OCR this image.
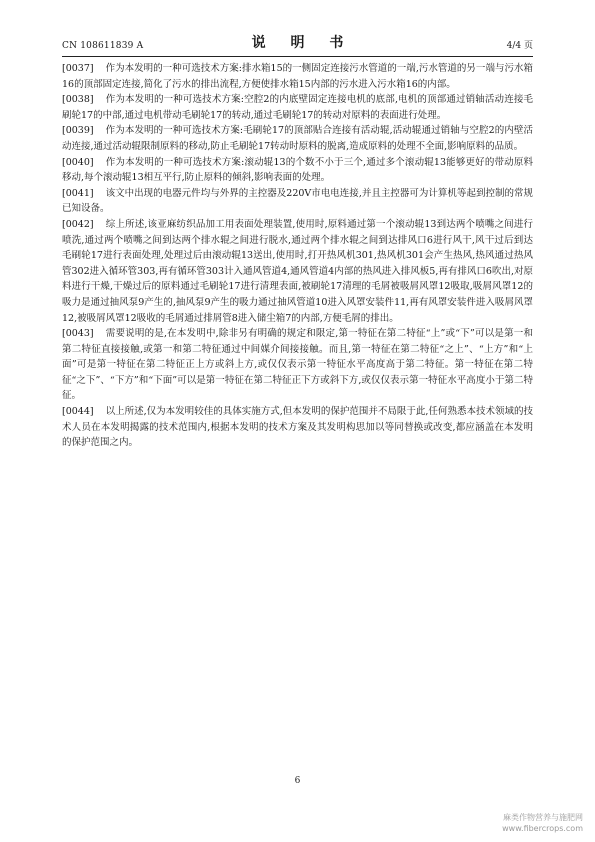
CN 108611839 A	说 明 书	4/4 页

[0037] 作为本发明的一种可选技术方案:排水箱15的一侧固定连接污水管道的一端,污水管道的另一端与污水箱16的顶部固定连接,简化了污水的排出流程,方便使排水箱15内部的污水进入污水箱16的内部。

[0038] 作为本发明的一种可选技术方案:空腔2的内底壁固定连接电机的底部,电机的顶部通过销轴活动连接毛刷轮17的中部,通过电机带动毛刷轮17的转动,通过毛刷轮17的转动对原料的表面进行处理。

[0039] 作为本发明的一种可选技术方案:毛刷轮17的顶部贴合连接有活动辊,活动辊通过销轴与空腔2的内壁活动连接,通过活动辊限制原料的移动,防止毛刷轮17转动时原料的脱离,造成原料的处理不全面,影响原料的品质。

[0040] 作为本发明的一种可选技术方案:滚动辊13的个数不小于三个,通过多个滚动辊13能够更好的带动原料移动,每个滚动辊13相互平行,防止原料的倾斜,影响表面的处理。

[0041] 该文中出现的电器元件均与外界的主控器及220V市电电连接,并且主控器可为计算机等起到控制的常规已知设备。

[0042] 综上所述,该亚麻纺织品加工用表面处理装置,使用时,原料通过第一个滚动辊13到达两个喷嘴之间进行喷洗,通过两个喷嘴之间到达两个排水辊之间进行脱水,通过两个排水辊之间到达排风口6进行风干,风干过后到达毛刷轮17进行表面处理,处理过后由滚动辊13送出,使用时,打开热风机301,热风机301会产生热风,热风通过热风管302进入循环管303,再有循环管303计入通风管道4,通风管道4内部的热风进入排风板5,再有排风口6吹出,对原料进行干燥,干燥过后的原料通过毛刷轮17进行清理表面,被刷轮17清理的毛屑被吸屑风罩12吸取,吸屑风罩12的吸力是通过抽风泵9产生的,抽风泵9产生的吸力通过抽风管道10进入风罩安装件11,再有风罩安装件进入吸屑风罩12,被吸屑风罩12吸收的毛屑通过排屑管8进入储尘箱7的内部,方便毛屑的排出。

[0043] 需要说明的是,在本发明中,除非另有明确的规定和限定,第一特征在第二特征“上”或“下”可以是第一和第二特征直接接触,或第一和第二特征通过中间媒介间接接触。而且,第一特征在第二特征“之上”、“上方”和“上面”可是第一特征在第二特征正上方或斜上方,或仅仅表示第一特征水平高度高于第二特征。第一特征在第二特征“之下”、“下方”和“下面”可以是第一特征在第二特征正下方或斜下方,或仅仅表示第一特征水平高度小于第二特征。

[0044] 以上所述,仅为本发明较佳的具体实施方式,但本发明的保护范围并不局限于此,任何熟悉本技术领域的技术人员在本发明揭露的技术范围内,根据本发明的技术方案及其发明构思加以等同替换或改变,都应涵盖在本发明的保护范围之内。

6
麻类作物营养与施肥网
www.fibercrops.com
